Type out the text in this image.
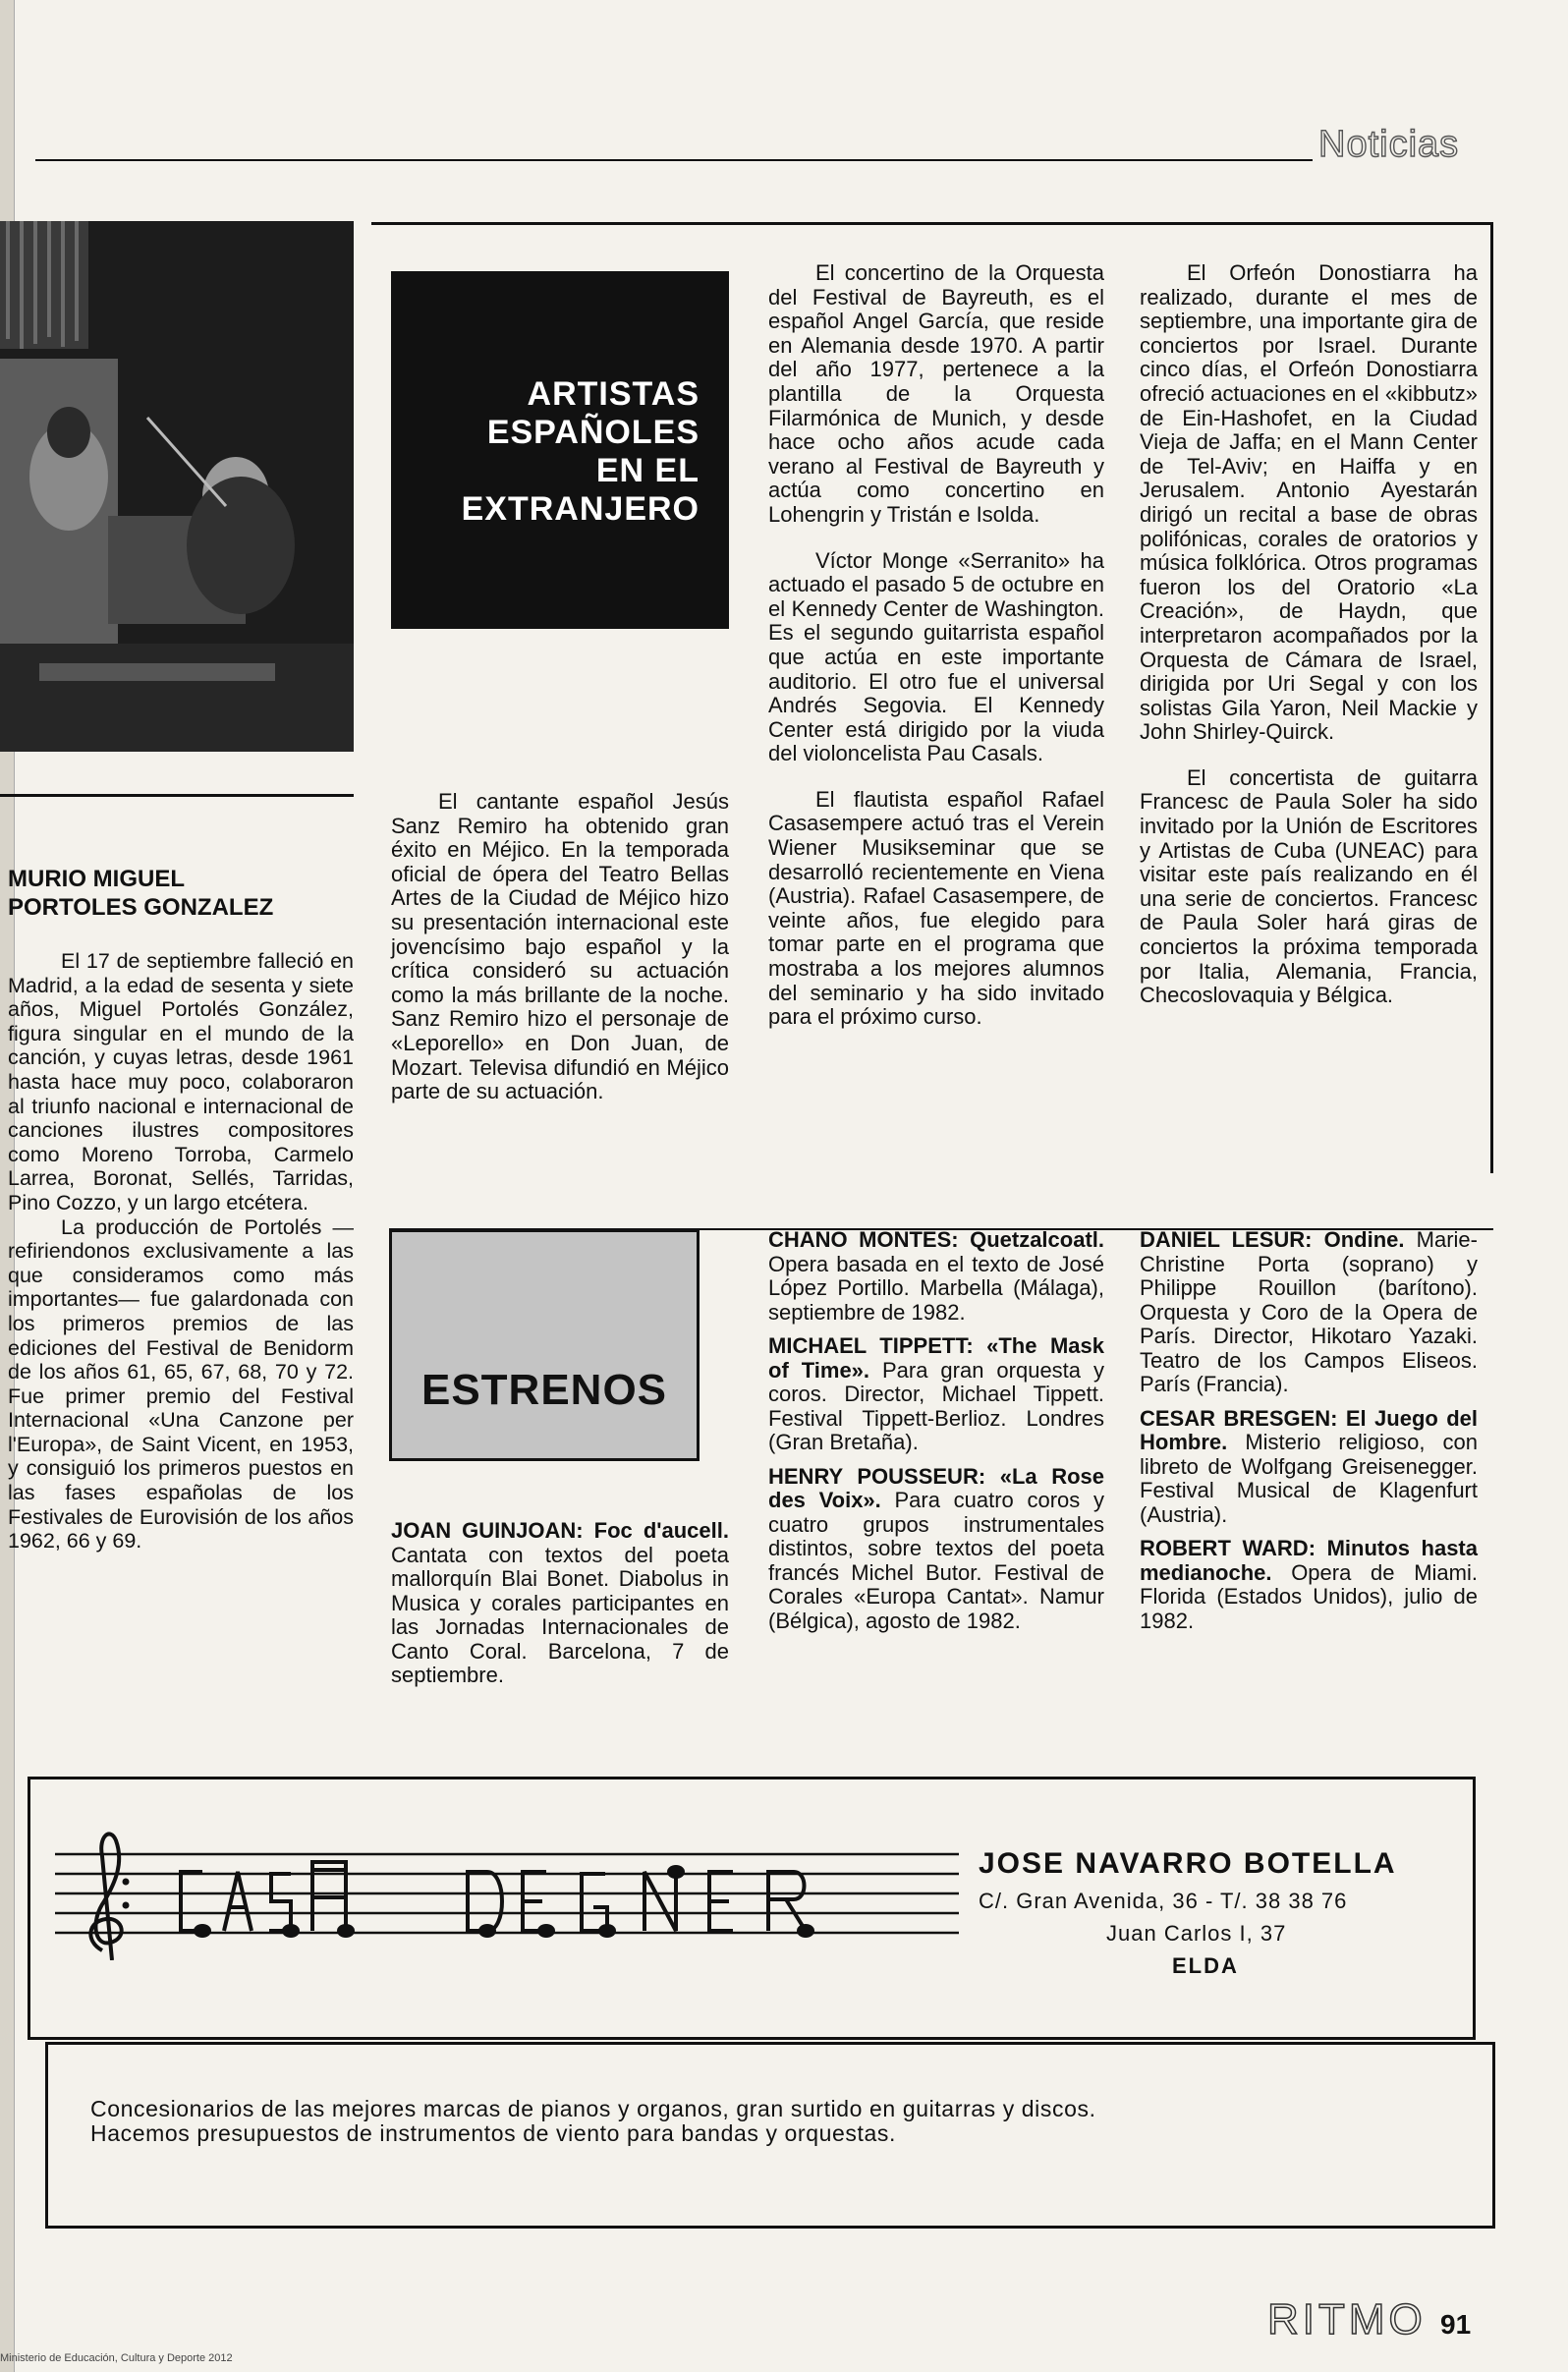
Noticias
MURIO MIGUEL
PORTOLES GONZALEZ

El 17 de septiembre falleció en Madrid, a la edad de sesenta y siete años, Miguel Portolés González, figura singular en el mundo de la canción, y cuyas letras, desde 1961 hasta hace muy poco, colaboraron al triunfo nacional e internacional de canciones ilustres compositores como Moreno Torroba, Carmelo Larrea, Boronat, Sellés, Tarridas, Pino Cozzo, y un largo etcétera.

La producción de Portolés —refiriendonos exclusivamente a las que consideramos como más importantes— fue galardonada con los primeros premios de las ediciones del Festival de Benidorm de los años 61, 65, 67, 68, 70 y 72. Fue primer premio del Festival Internacional «Una Canzone per l'Europa», de Saint Vicent, en 1953, y consiguió los primeros puestos en las fases españolas de los Festivales de Eurovisión de los años 1962, 66 y 69.

ARTISTAS
ESPAÑOLES
EN EL
EXTRANJERO

El cantante español Jesús Sanz Remiro ha obtenido gran éxito en Méjico. En la temporada oficial de ópera del Teatro Bellas Artes de la Ciudad de Méjico hizo su presentación internacional este jovencísimo bajo español y la crítica consideró su actuación como la más brillante de la noche. Sanz Remiro hizo el personaje de «Leporello» en Don Juan, de Mozart. Televisa difundió en Méjico parte de su actuación.

El concertino de la Orquesta del Festival de Bayreuth, es el español Angel García, que reside en Alemania desde 1970. A partir del año 1977, pertenece a la plantilla de la Orquesta Filarmónica de Munich, y desde hace ocho años acude cada verano al Festival de Bayreuth y actúa como concertino en Lohengrin y Tristán e Isolda.

Víctor Monge «Serranito» ha actuado el pasado 5 de octubre en el Kennedy Center de Washington. Es el segundo guitarrista español que actúa en este importante auditorio. El otro fue el universal Andrés Segovia. El Kennedy Center está dirigido por la viuda del violoncelista Pau Casals.

El flautista español Rafael Casasempere actuó tras el Verein Wiener Musikseminar que se desarrolló recientemente en Viena (Austria). Rafael Casasempere, de veinte años, fue elegido para tomar parte en el programa que mostraba a los mejores alumnos del seminario y ha sido invitado para el próximo curso.

El Orfeón Donostiarra ha realizado, durante el mes de septiembre, una importante gira de conciertos por Israel. Durante cinco días, el Orfeón Donostiarra ofreció actuaciones en el «kibbutz» de Ein-Hashofet, en la Ciudad Vieja de Jaffa; en el Mann Center de Tel-Aviv; en Haiffa y en Jerusalem. Antonio Ayestarán dirigó un recital a base de obras polifónicas, corales de oratorios y música folklórica. Otros programas fueron los del Oratorio «La Creación», de Haydn, que interpretaron acompañados por la Orquesta de Cámara de Israel, dirigida por Uri Segal y con los solistas Gila Yaron, Neil Mackie y John Shirley-Quirck.

El concertista de guitarra Francesc de Paula Soler ha sido invitado por la Unión de Escritores y Artistas de Cuba (UNEAC) para visitar este país realizando en él una serie de conciertos. Francesc de Paula Soler hará giras de conciertos la próxima temporada por Italia, Alemania, Francia, Checoslovaquia y Bélgica.

ESTRENOS

JOAN GUINJOAN: Foc d'aucell. Cantata con textos del poeta mallorquín Blai Bonet. Diabolus in Musica y corales participantes en las Jornadas Internacionales de Canto Coral. Barcelona, 7 de septiembre.

CHANO MONTES: Quetzalcoatl. Opera basada en el texto de José López Portillo. Marbella (Málaga), septiembre de 1982.

MICHAEL TIPPETT: «The Mask of Time». Para gran orquesta y coros. Director, Michael Tippett. Festival Tippett-Berlioz. Londres (Gran Bretaña).

HENRY POUSSEUR: «La Rose des Voix». Para cuatro coros y cuatro grupos instrumentales distintos, sobre textos del poeta francés Michel Butor. Festival de Corales «Europa Cantat». Namur (Bélgica), agosto de 1982.

DANIEL LESUR: Ondine. Marie-Christine Porta (soprano) y Philippe Rouillon (barítono). Orquesta y Coro de la Opera de París. Director, Hikotaro Yazaki. Teatro de los Campos Eliseos. París (Francia).

CESAR BRESGEN: El Juego del Hombre. Misterio religioso, con libreto de Wolfgang Greisenegger. Festival Musical de Klagenfurt (Austria).

ROBERT WARD: Minutos hasta medianoche. Opera de Miami. Florida (Estados Unidos), julio de 1982.

JOSE NAVARRO BOTELLA
C/. Gran Avenida, 36 - T/. 38 38 76
Juan Carlos I, 37
ELDA
Concesionarios de las mejores marcas de pianos y organos, gran surtido en guitarras y discos.
Hacemos presupuestos de instrumentos de viento para bandas y orquestas.
RITMO 91
Ministerio de Educación, Cultura y Deporte 2012
